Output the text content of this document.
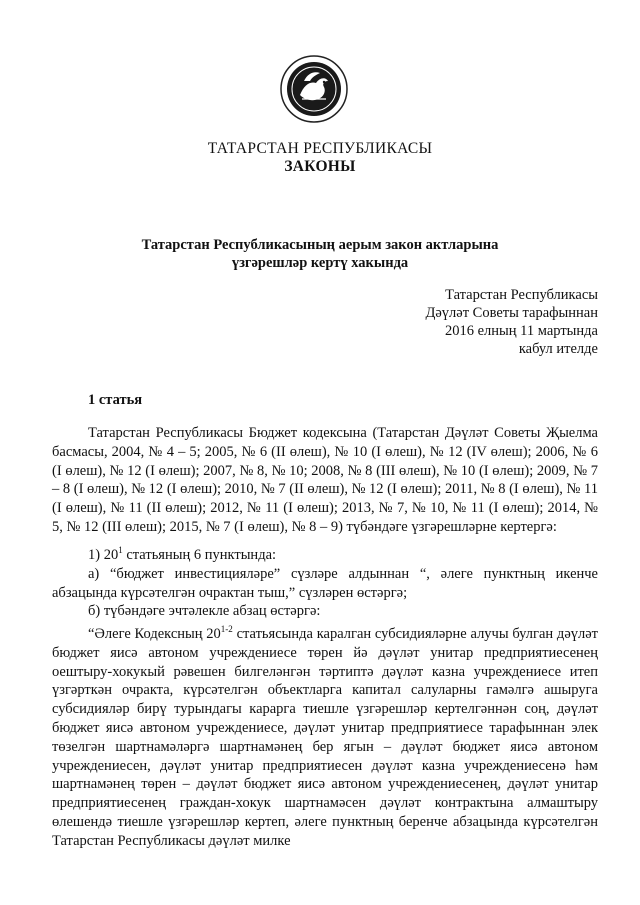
ТАТАРСТАН РЕСПУБЛИКАСЫ
ЗАКОНЫ
Татарстан Республикасының аерым закон актларына
үзгәрешләр кертү хакында
Татарстан Республикасы
Дәүләт Советы тарафыннан
2016 елның 11 мартында
кабул ителде
1 статья

Татарстан Республикасы Бюджет кодексына (Татарстан Дәүләт Советы Җыелма басмасы, 2004, № 4 – 5; 2005, № 6 (II өлеш), № 10 (I өлеш), № 12 (IV өлеш); 2006, № 6 (I өлеш), № 12 (I өлеш); 2007, № 8, № 10; 2008, № 8 (III өлеш), № 10 (I өлеш); 2009, № 7 – 8 (I өлеш), № 12 (I өлеш); 2010, № 7 (II өлеш), № 12 (I өлеш); 2011, № 8 (I өлеш), № 11 (I өлеш), № 11 (II өлеш); 2012, № 11 (I өлеш); 2013, № 7, № 10, № 11 (I өлеш); 2014, № 5, № 12 (III өлеш); 2015, № 7 (I өлеш), № 8 – 9) түбәндәге үзгәрешләрне кертергә:

1) $20^1$ статьяның 6 пунктында:

а) “бюджет инвестицияләре” сүзләре алдыннан “, әлеге пунктның икенче абзацында күрсәтелгән очрактан тыш,” сүзләрен өстәргә;

б) түбәндәге эчтәлекле абзац өстәргә:

“Әлеге Кодексның 20$^{1-2}$ статьясында каралган субсидияләрне алучы булган дәүләт бюджет яисә автоном учреждениесе төрен йә дәүләт унитар предприятиесенең оештыру-хокукый рәвешен билгеләнгән тәртиптә дәүләт казна учреждениесе итеп үзгәрткән очракта, күрсәтелгән объектларга капитал салуларны гамәлгә ашыруга субсидияләр бирү турындагы караргa тиешле үзгәрешләр кертелгәннән соң, дәүләт бюджет яисә автоном учреждениесе, дәүләт унитар предприятиесе тарафыннан элек төзелгән шартнамәләргә шартнамәнең бер ягын – дәүләт бюджет яисә автоном учреждениесен, дәүләт унитар предприятиесен дәүләт казна учреждениесенә һәм шартнамәнең төрен – дәүләт бюджет яисә автоном учреждениесенең, дәүләт унитар предприятиесенең граждан-хокук шартнамәсен дәүләт контрактына алмаштыру өлешендә тиешле үзгәрешләр кертеп, әлеге пунктның беренче абзацында күрсәтелгән Татарстан Республикасы дәүләт милке
